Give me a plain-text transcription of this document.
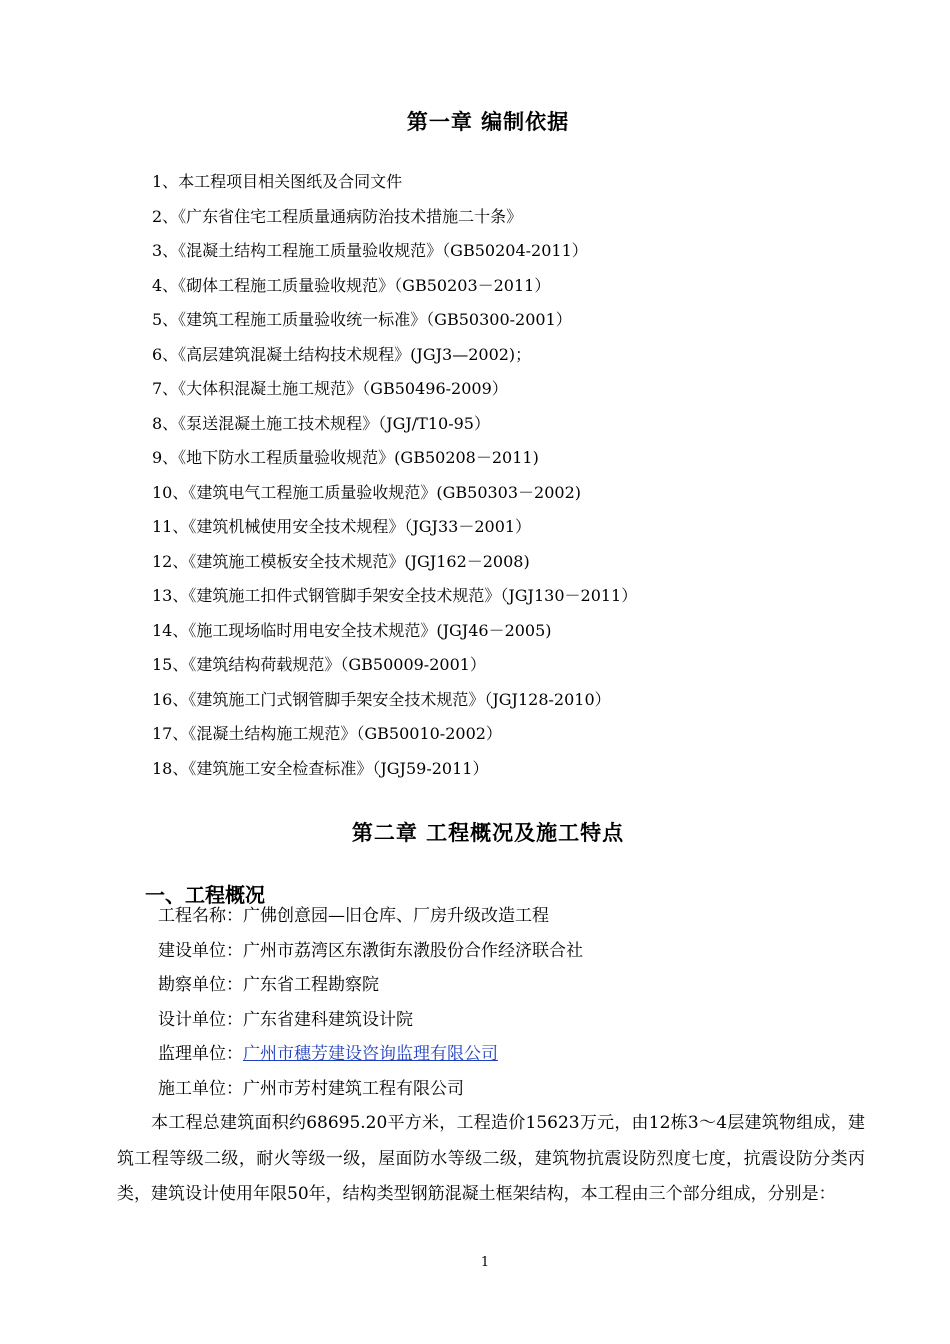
第一章 编制依据
1、本工程项目相关图纸及合同文件
2、《广东省住宅工程质量通病防治技术措施二十条》
3、《混凝土结构工程施工质量验收规范》（GB50204-2011）
4、《砌体工程施工质量验收规范》（GB50203－2011）
5、《建筑工程施工质量验收统一标准》（GB50300-2001）
6、《高层建筑混凝土结构技术规程》(JGJ3—2002)；
7、《大体积混凝土施工规范》（GB50496-2009）
8、《泵送混凝土施工技术规程》（JGJ/T10-95）
9、《地下防水工程质量验收规范》(GB50208－2011)
10、《建筑电气工程施工质量验收规范》(GB50303－2002)
11、《建筑机械使用安全技术规程》（JGJ33－2001）
12、《建筑施工模板安全技术规范》(JGJ162－2008)
13、《建筑施工扣件式钢管脚手架安全技术规范》（JGJ130－2011）
14、《施工现场临时用电安全技术规范》(JGJ46－2005)
15、《建筑结构荷载规范》（GB50009-2001）
16、《建筑施工门式钢管脚手架安全技术规范》（JGJ128-2010）
17、《混凝土结构施工规范》（GB50010-2002）
18、《建筑施工安全检查标准》（JGJ59-2011）
第二章 工程概况及施工特点
一、工程概况
工程名称：广佛创意园—旧仓库、厂房升级改造工程
建设单位：广州市荔湾区东漖街东漖股份合作经济联合社
勘察单位：广东省工程勘察院
设计单位：广东省建科建筑设计院
监理单位：广州市穗芳建设咨询监理有限公司
施工单位：广州市芳村建筑工程有限公司

本工程总建筑面积约68695.20平方米，工程造价15623万元，由12栋3～4层建筑物组成，建筑工程等级二级，耐火等级一级，屋面防水等级二级，建筑物抗震设防烈度七度，抗震设防分类丙类，建筑设计使用年限50年，结构类型钢筋混凝土框架结构，本工程由三个部分组成，分别是：

1
